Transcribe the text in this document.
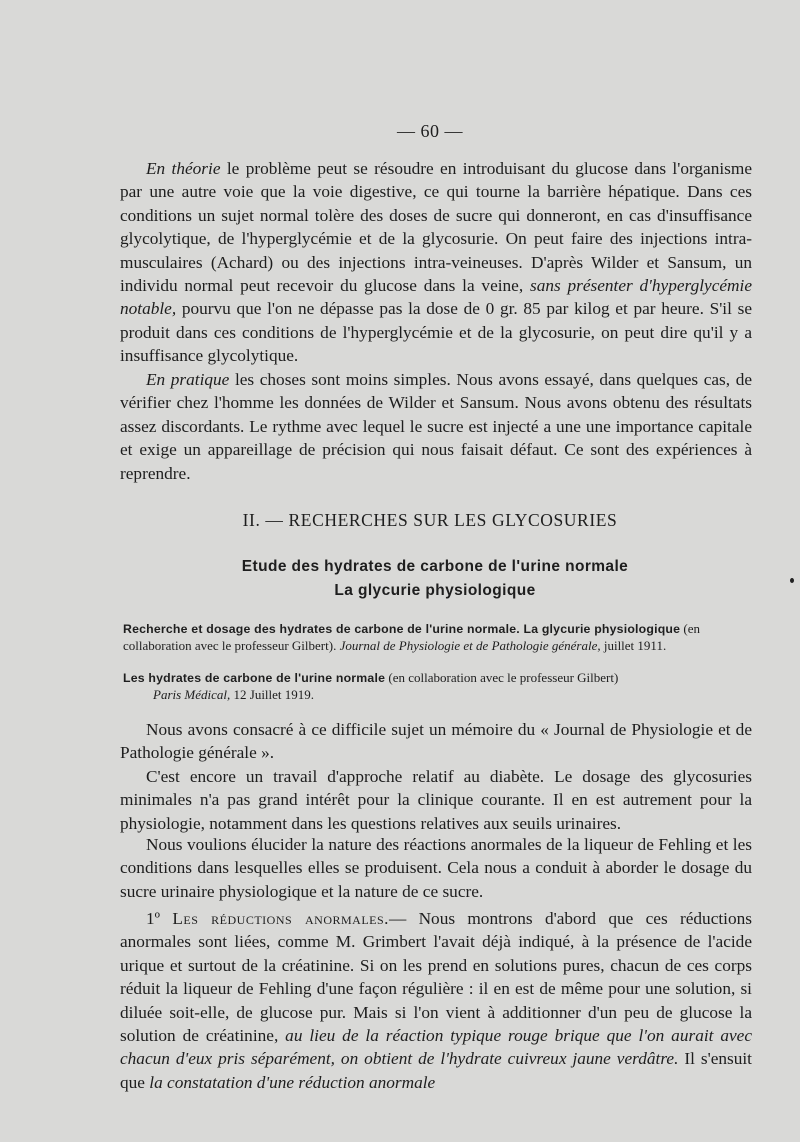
— 60 —

En théorie le problème peut se résoudre en introduisant du glucose dans l'organisme par une autre voie que la voie digestive, ce qui tourne la barrière hépatique. Dans ces conditions un sujet normal tolère des doses de sucre qui donneront, en cas d'insuffisance glycolytique, de l'hyperglycémie et de la glycosurie. On peut faire des injections intra-musculaires (Achard) ou des injections intra-veineuses. D'après Wilder et Sansum, un individu normal peut recevoir du glucose dans la veine, sans présenter d'hyperglycémie notable, pourvu que l'on ne dépasse pas la dose de 0 gr. 85 par kilog et par heure. S'il se produit dans ces conditions de l'hyperglycémie et de la glycosurie, on peut dire qu'il y a insuffisance glycolytique.

En pratique les choses sont moins simples. Nous avons essayé, dans quelques cas, de vérifier chez l'homme les données de Wilder et Sansum. Nous avons obtenu des résultats assez discordants. Le rythme avec lequel le sucre est injecté a une une importance capitale et exige un appareillage de précision qui nous faisait défaut. Ce sont des expériences à reprendre.

II. — RECHERCHES SUR LES GLYCOSURIES
Etude des hydrates de carbone de l'urine normale
La glycurie physiologique
Recherche et dosage des hydrates de carbone de l'urine normale. La glycurie physiologique (en collaboration avec le professeur Gilbert). Journal de Physiologie et de Pathologie générale, juillet 1911.
Les hydrates de carbone de l'urine normale (en collaboration avec le professeur Gilbert)
Paris Médical, 12 Juillet 1919.

Nous avons consacré à ce difficile sujet un mémoire du « Journal de Physiologie et de Pathologie générale ».

C'est encore un travail d'approche relatif au diabète. Le dosage des glycosuries minimales n'a pas grand intérêt pour la clinique courante. Il en est autrement pour la physiologie, notamment dans les questions relatives aux seuils urinaires.

Nous voulions élucider la nature des réactions anormales de la liqueur de Fehling et les conditions dans lesquelles elles se produisent. Cela nous a conduit à aborder le dosage du sucre urinaire physiologique et la nature de ce sucre.

1º Les réductions anormales.— Nous montrons d'abord que ces réductions anormales sont liées, comme M. Grimbert l'avait déjà indiqué, à la présence de l'acide urique et surtout de la créatinine. Si on les prend en solutions pures, chacun de ces corps réduit la liqueur de Fehling d'une façon régulière : il en est de même pour une solution, si diluée soit-elle, de glucose pur. Mais si l'on vient à additionner d'un peu de glucose la solution de créatinine, au lieu de la réaction typique rouge brique que l'on aurait avec chacun d'eux pris séparément, on obtient de l'hydrate cuivreux jaune verdâtre. Il s'ensuit que la constatation d'une réduction anormale
